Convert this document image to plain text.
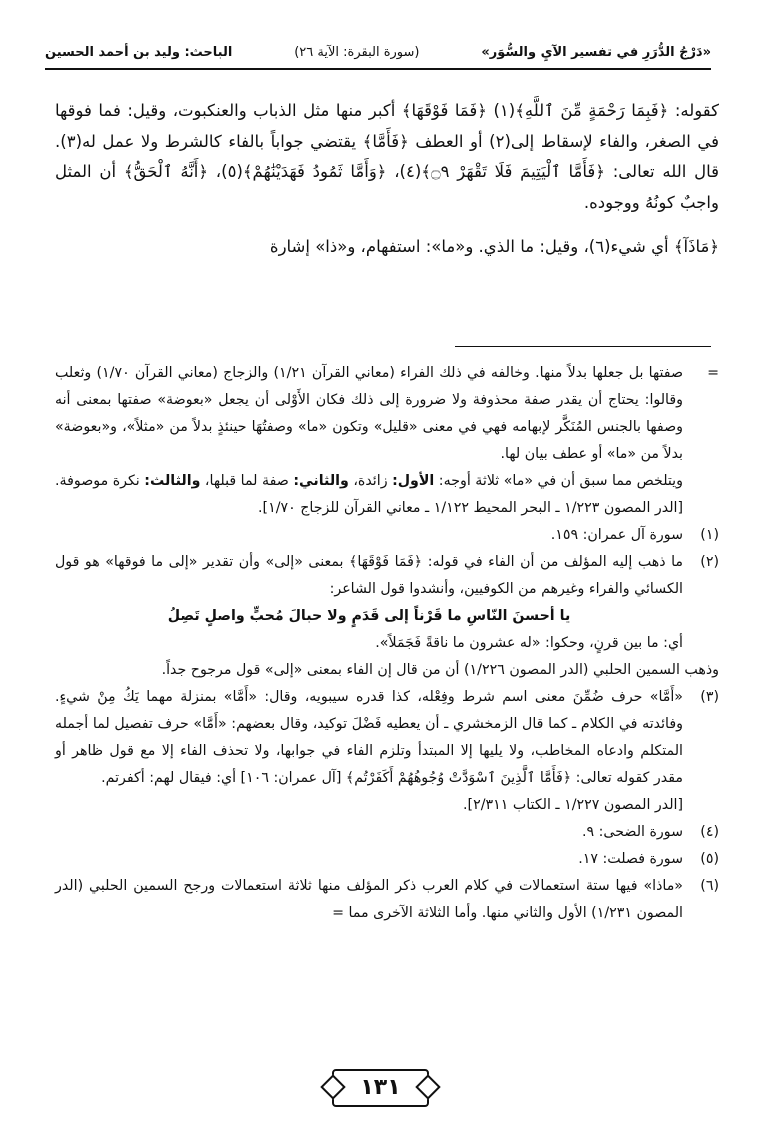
«دَرْجُ الدُّرَرِ في تفسير الآيِ والسُّوَر»
(سورة البقرة: الآية ٢٦)
الباحث: وليد بن أحمد الحسين

كقوله: ﴿فَبِمَا رَحْمَةٍ مِّنَ ٱللَّهِ﴾(١) ﴿فَمَا فَوْقَهَا﴾ أكبر منها مثل الذباب والعنكبوت، وقيل: فما فوقها في الصغر، والفاء لإسقاط إلى(٢) أو العطف ﴿فَأَمَّا﴾ يقتضي جواباً بالفاء كالشرط ولا عمل له(٣). قال الله تعالى: ﴿فَأَمَّا ٱلْيَتِيمَ فَلَا تَقْهَرْ ۝٩﴾(٤)، ﴿وَأَمَّا ثَمُودُ فَهَدَيْنَٰهُمْ﴾(٥)، ﴿أَنَّهُ ٱلْحَقُّ﴾ أن المثل واجبٌ كونُهُ ووجوده.

﴿مَاذَآ﴾ أي شيء(٦)، وقيل: ما الذي. و«ما»: استفهام، و«ذا» إشارة

=
صفتها بل جعلها بدلاً منها. وخالفه في ذلك الفراء (معاني القرآن ١/٢١) والزجاج (معاني القرآن ١/٧٠) وثعلب وقالوا: يحتاج أن يقدر صفة محذوفة ولا ضرورة إلى ذلك فكان الأَوْلى أن يجعل «بعوضة» صفتها بمعنى أنه وصفها بالجنس المُنَكَّر لإبهامه فهي في معنى «قليل» وتكون «ما» وصفتُهَا حينئذٍ بدلاً من «مثلاً»، و«بعوضة» بدلاً من «ما» أو عطف بيان لها.
ويتلخص مما سبق أن في «ما» ثلاثة أوجه: الأول: زائدة، والثاني: صفة لما قبلها، والثالث: نكرة موصوفة.
[الدر المصون ١/٢٢٣ ـ البحر المحيط ١/١٢٢ ـ معاني القرآن للزجاج ١/٧٠].
(١)
سورة آل عمران: ١٥٩.
(٢)
ما ذهب إليه المؤلف من أن الفاء في قوله: ﴿فَمَا فَوْقَهَا﴾ بمعنى «إلى» وأن تقدير «إلى ما فوقها» هو قول الكسائي والفراء وغيرهم من الكوفيين، وأنشدوا قول الشاعر:
يا أحسنَ النّاسِ ما قَرْناً إلى قَدَمٍ ولا حبالَ مُحبٍّ واصلٍ تَصِلُ
أي: ما بين قرنٍ، وحكوا: «له عشرون ما ناقةً فَجَمَلاً».
وذهب السمين الحلبي (الدر المصون ١/٢٢٦) أن من قال إن الفاء بمعنى «إلى» قول مرجوح جداً.
(٣)
«أَمَّا» حرف ضُمِّنَ معنى اسم شرط وفِعْله، كذا قدره سيبويه، وقال: «أَمَّا» بمنزلة مهما يَكُ مِنْ شيءٍ. وفائدته في الكلام ـ كما قال الزمخشري ـ أن يعطيه فَضْلَ توكيد، وقال بعضهم: «أَمَّا» حرف تفصيل لما أجمله المتكلم وادعاه المخاطب، ولا يليها إلا المبتدأ وتلزم الفاء في جوابها، ولا تحذف الفاء إلا مع قول ظاهر أو مقدر كقوله تعالى: ﴿فَأَمَّا ٱلَّذِينَ ٱسْوَدَّتْ وُجُوهُهُمْ أَكَفَرْتُم﴾ [آل عمران: ١٠٦] أي: فيقال لهم: أكفرتم.
[الدر المصون ١/٢٢٧ ـ الكتاب ٢/٣١١].
(٤)
سورة الضحى: ٩.
(٥)
سورة فصلت: ١٧.
(٦)
«ماذا» فيها ستة استعمالات في كلام العرب ذكر المؤلف منها ثلاثة استعمالات ورجح السمين الحلبي (الدر المصون ١/٢٣١) الأول والثاني منها. وأما الثلاثة الآخرى مما =
١٣١
